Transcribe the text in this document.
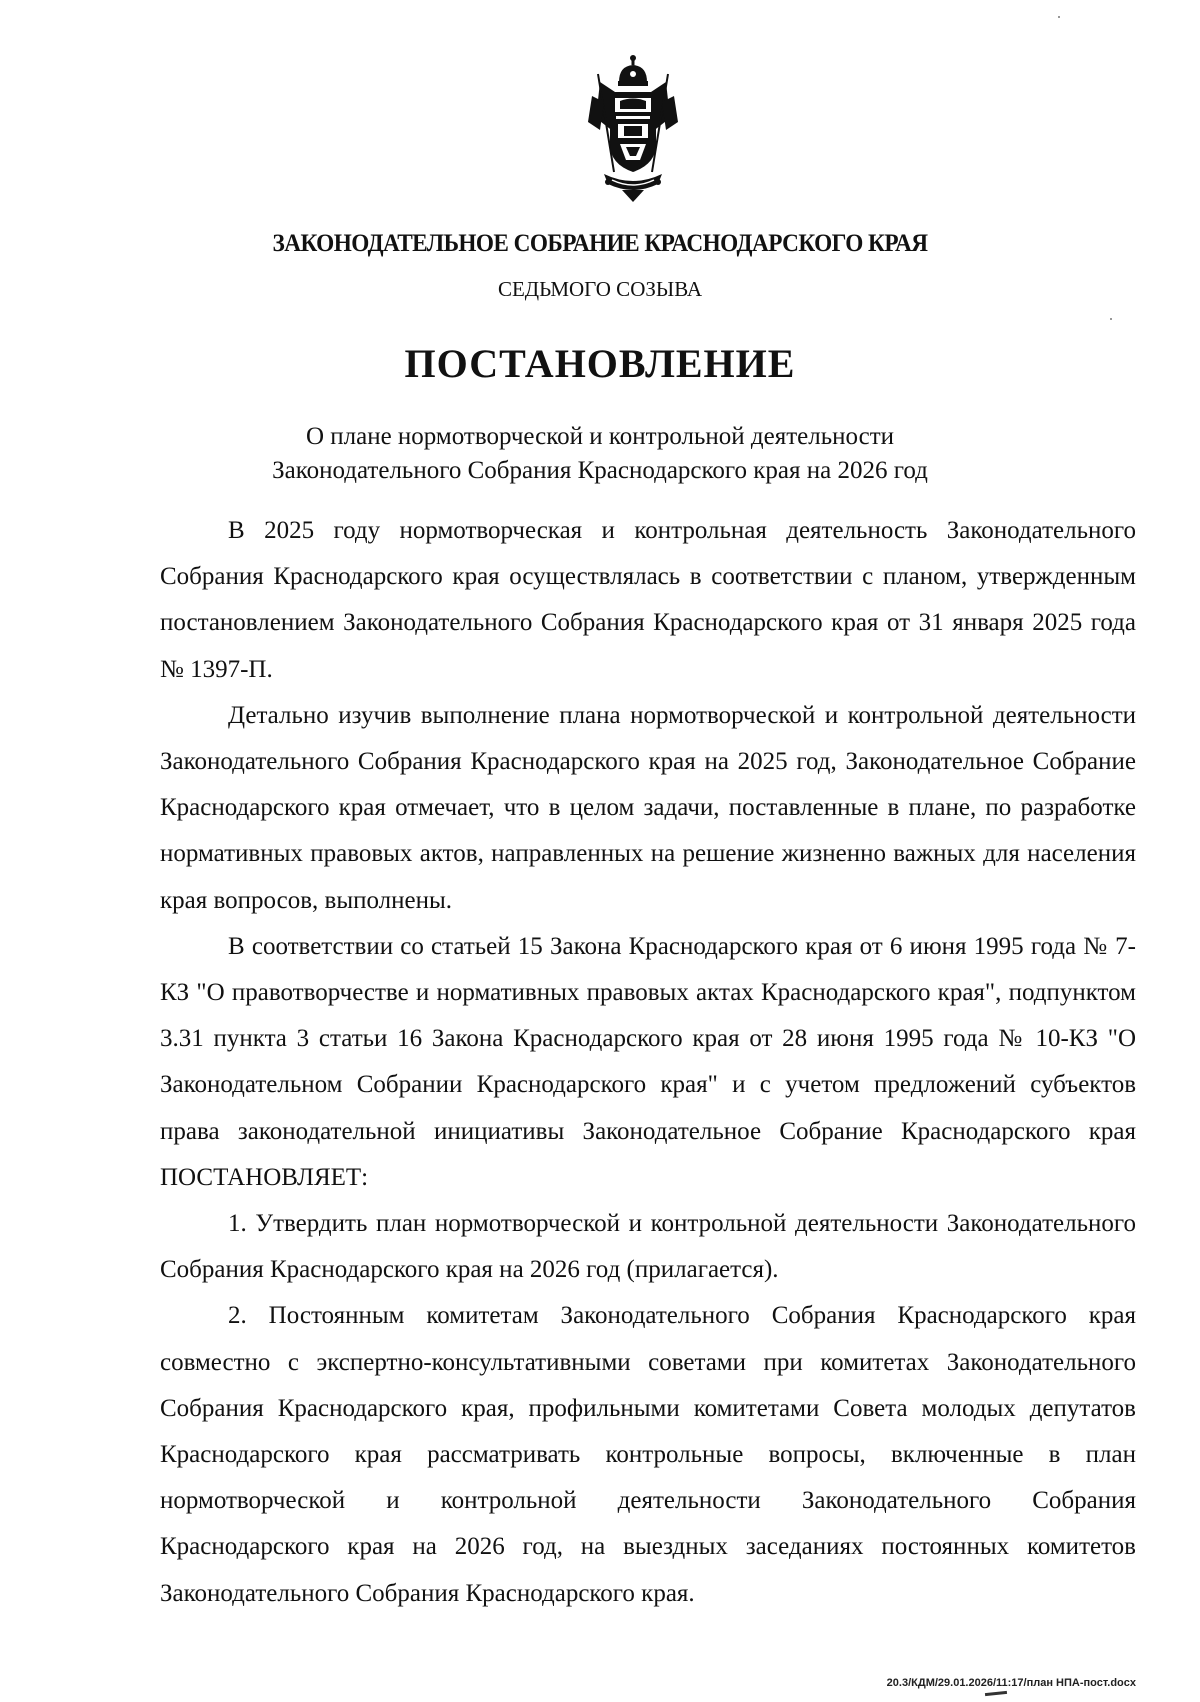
ЗАКОНОДАТЕЛЬНОЕ СОБРАНИЕ КРАСНОДАРСКОГО КРАЯ
СЕДЬМОГО СОЗЫВА
ПОСТАНОВЛЕНИЕ
О плане нормотворческой и контрольной деятельности
Законодательного Собрания Краснодарского края на 2026 год

В 2025 году нормотворческая и контрольная деятельность Законодательного Собрания Краснодарского края осуществлялась в соответствии с планом, утвержденным постановлением Законодательного Собрания Краснодарского края от 31 января 2025 года № 1397-П.

Детально изучив выполнение плана нормотворческой и контрольной деятельности Законодательного Собрания Краснодарского края на 2025 год, Законодательное Собрание Краснодарского края отмечает, что в целом задачи, поставленные в плане, по разработке нормативных правовых актов, направленных на решение жизненно важных для населения края вопросов, выполнены.

В соответствии со статьей 15 Закона Краснодарского края от 6 июня 1995 года № 7-КЗ "О правотворчестве и нормативных правовых актах Краснодарского края", подпунктом 3.31 пункта 3 статьи 16 Закона Краснодарского края от 28 июня 1995 года № 10-КЗ "О Законодательном Собрании Краснодарского края" и с учетом предложений субъектов права законодательной инициативы Законодательное Собрание Краснодарского края ПОСТАНОВЛЯЕТ:

1. Утвердить план нормотворческой и контрольной деятельности Законодательного Собрания Краснодарского края на 2026 год (прилагается).

2. Постоянным комитетам Законодательного Собрания Краснодарского края совместно с экспертно-консультативными советами при комитетах Законодательного Собрания Краснодарского края, профильными комитетами Совета молодых депутатов Краснодарского края рассматривать контрольные вопросы, включенные в план нормотворческой и контрольной деятельности Законодательного Собрания Краснодарского края на 2026 год, на выездных заседаниях постоянных комитетов Законодательного Собрания Краснодарского края.

20.3/КДМ/29.01.2026/11:17/план НПА-пост.docx
